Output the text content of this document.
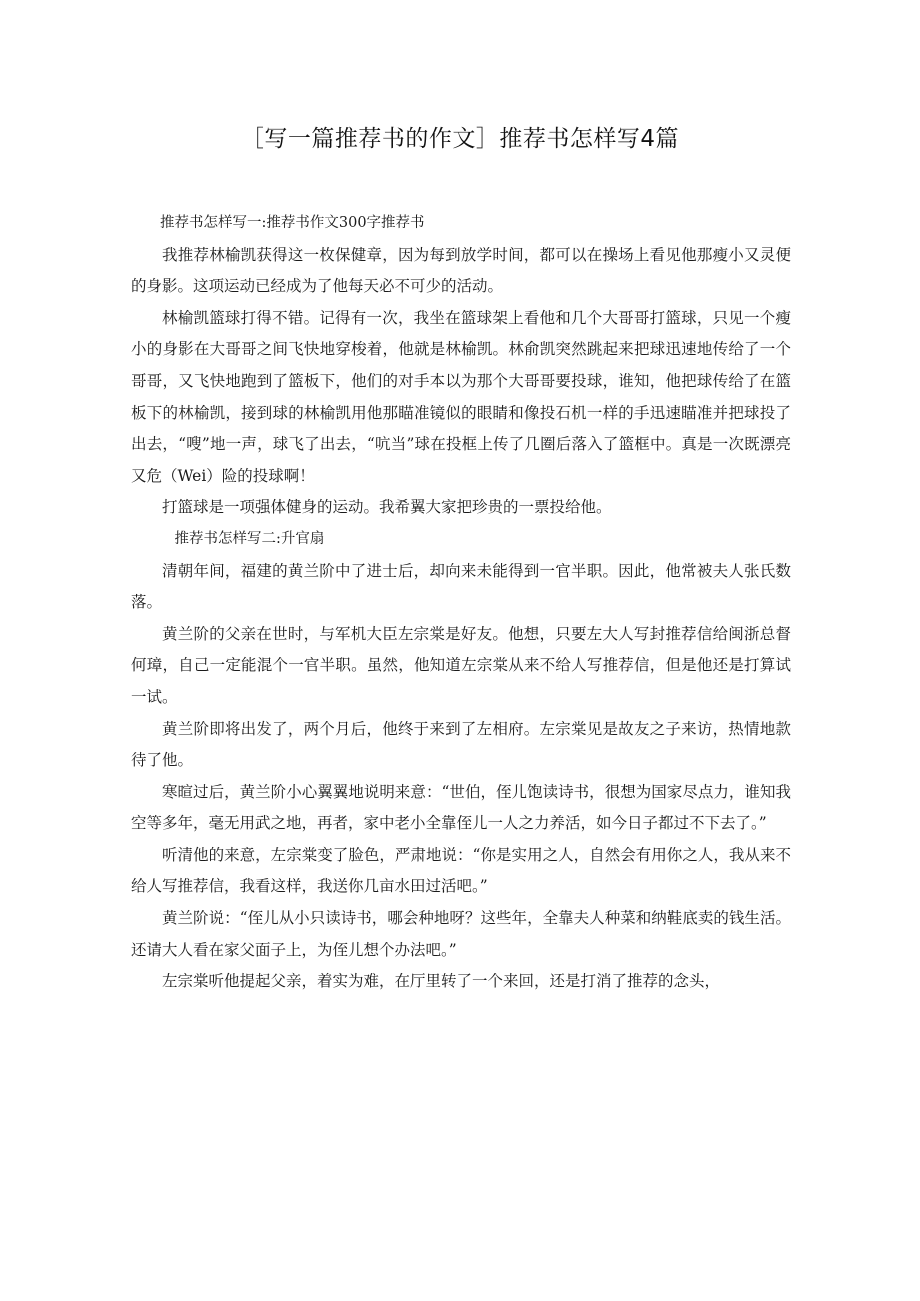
［写一篇推荐书的作文］推荐书怎样写4篇

推荐书怎样写一:推荐书作文300字推荐书

我推荐林榆凯获得这一枚保健章，因为每到放学时间，都可以在操场上看见他那瘦小又灵便的身影。这项运动已经成为了他每天必不可少的活动。

林榆凯篮球打得不错。记得有一次，我坐在篮球架上看他和几个大哥哥打篮球，只见一个瘦小的身影在大哥哥之间飞快地穿梭着，他就是林榆凯。林俞凯突然跳起来把球迅速地传给了一个哥哥，又飞快地跑到了篮板下，他们的对手本以为那个大哥哥要投球，谁知，他把球传给了在篮板下的林榆凯，接到球的林榆凯用他那瞄准镜似的眼睛和像投石机一样的手迅速瞄准并把球投了出去，“嗖”地一声，球飞了出去，“吭当”球在投框上传了几圈后落入了篮框中。真是一次既漂亮又危（Wei）险的投球啊！

打篮球是一项强体健身的运动。我希翼大家把珍贵的一票投给他。

推荐书怎样写二:升官扇

清朝年间，福建的黄兰阶中了进士后，却向来未能得到一官半职。因此，他常被夫人张氏数落。

黄兰阶的父亲在世时，与军机大臣左宗棠是好友。他想，只要左大人写封推荐信给闽浙总督何璋，自己一定能混个一官半职。虽然，他知道左宗棠从来不给人写推荐信，但是他还是打算试一试。

黄兰阶即将出发了，两个月后，他终于来到了左相府。左宗棠见是故友之子来访，热情地款待了他。

寒暄过后，黄兰阶小心翼翼地说明来意：“世伯，侄儿饱读诗书，很想为国家尽点力，谁知我空等多年，毫无用武之地，再者，家中老小全靠侄儿一人之力养活，如今日子都过不下去了。”

听清他的来意，左宗棠变了脸色，严肃地说：“你是实用之人，自然会有用你之人，我从来不给人写推荐信，我看这样，我送你几亩水田过活吧。”

黄兰阶说：“侄儿从小只读诗书，哪会种地呀？这些年，全靠夫人种菜和纳鞋底卖的钱生活。还请大人看在家父面子上，为侄儿想个办法吧。”

左宗棠听他提起父亲，着实为难，在厅里转了一个来回，还是打消了推荐的念头，
